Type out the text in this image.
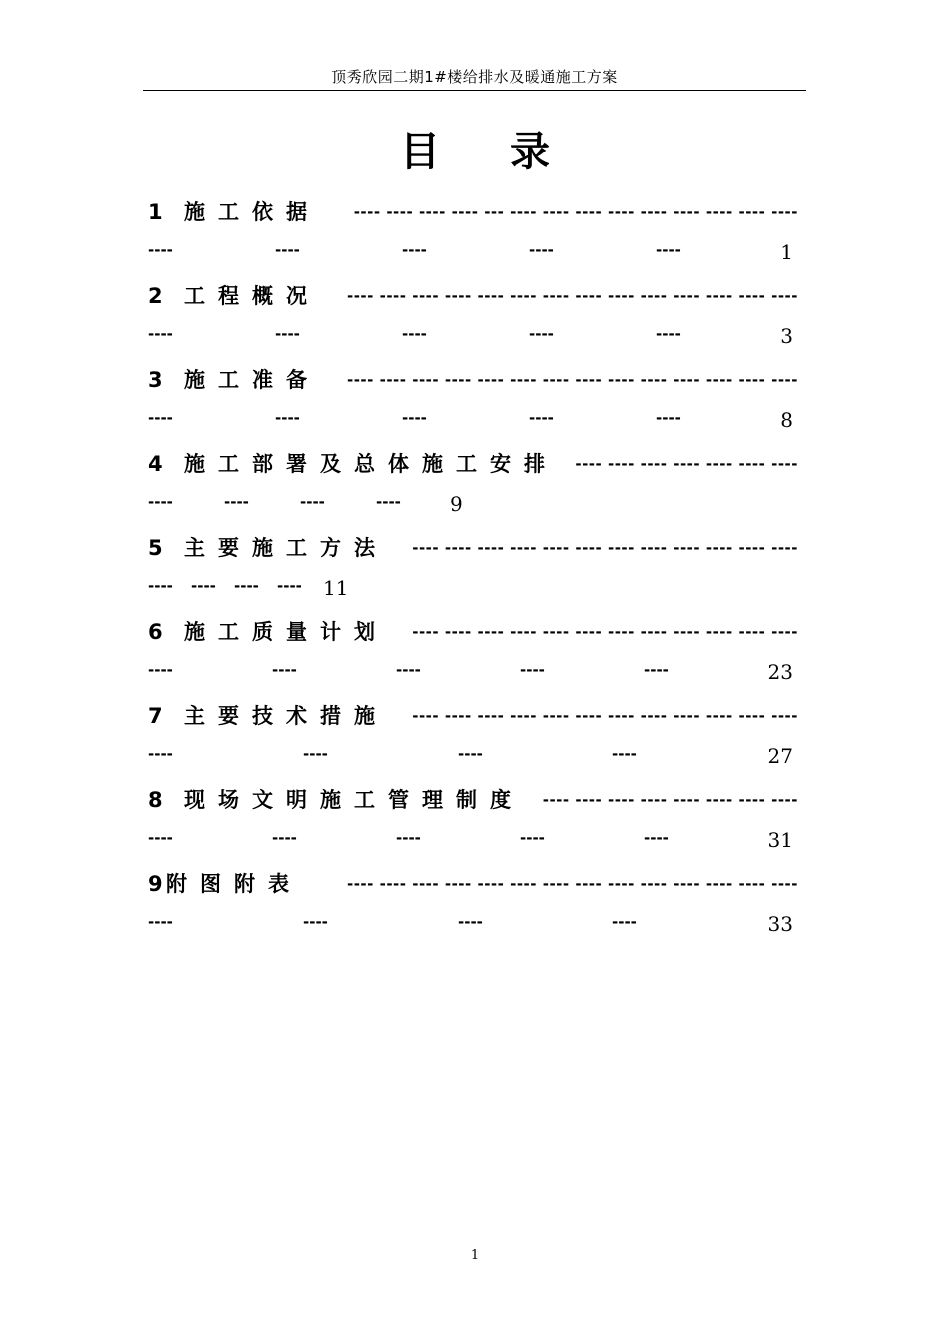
顶秀欣园二期1#楼给排水及暖通施工方案
目录
1 施工依据	---- ---- ---- ---- --- ---- ---- ---- ---- ---- ---- ---- ---- ----
----	----	----	----	----	1
2 工程概况	---- ---- ---- ---- ---- ---- ---- ---- ---- ---- ---- ---- ---- ----
----	----	----	----	----	3
3 施工准备	---- ---- ---- ---- ---- ---- ---- ---- ---- ---- ---- ---- ---- ----
----	----	----	----	----	8
4 施工部署及总体施工安排	---- ---- ---- ---- ---- ---- ----
----	----	----	---- 9
5 主要施工方法	---- ---- ---- ---- ---- ---- ---- ---- ---- ---- ---- ----
---- ---- ---- ---- 11
6 施工质量计划	---- ---- ---- ---- ---- ---- ---- ---- ---- ---- ---- ----
----	----	----	----	----	23
7 主要技术措施	---- ---- ---- ---- ---- ---- ---- ---- ---- ---- ---- ----
----	----	----	----	27
8 现场文明施工管理制度	---- ---- ---- ---- ---- ---- ---- ----
----	----	----	----	----	31
9 附图附表	---- ---- ---- ---- ---- ---- ---- ---- ---- ---- ---- ---- ---- ----
----	----	----	----	33
1
